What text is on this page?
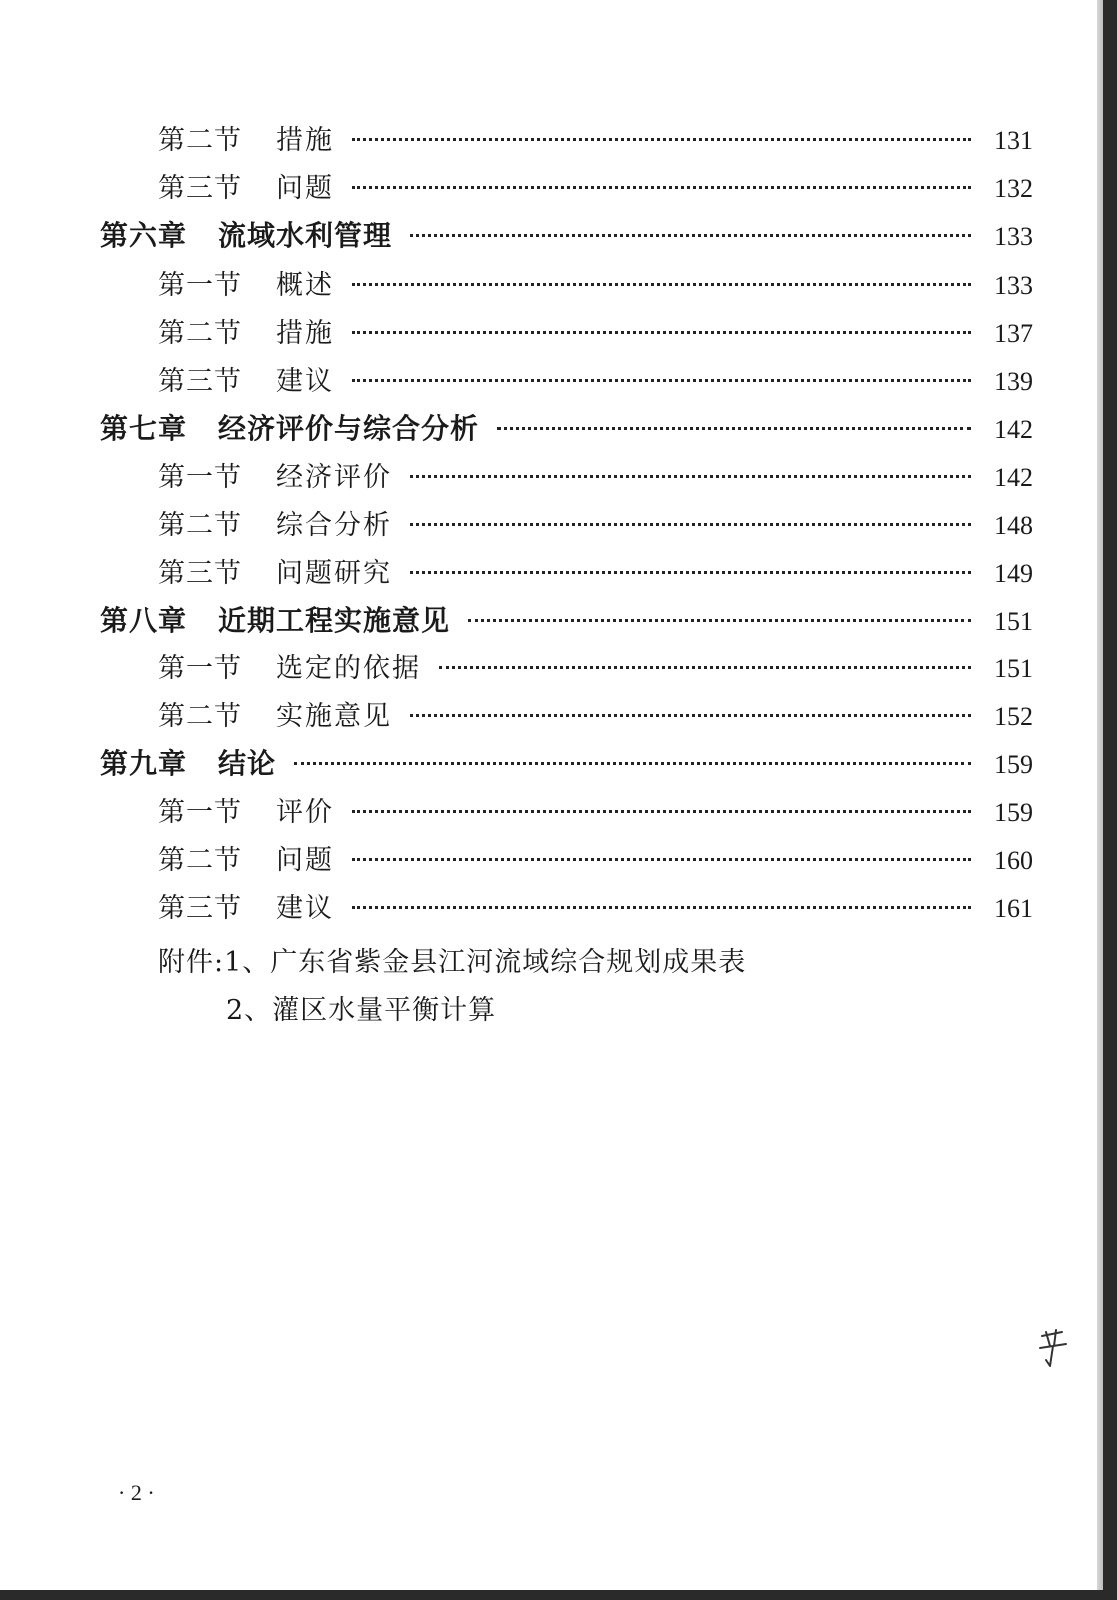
第二节	措施	131
第三节	问题	132
第六章	流域水利管理	133
第一节	概述	133
第二节	措施	137
第三节	建议	139
第七章	经济评价与综合分析	142
第一节	经济评价	142
第二节	综合分析	148
第三节	问题研究	149
第八章	近期工程实施意见	151
第一节	选定的依据	151
第二节	实施意见	152
第九章	结论	159
第一节	评价	159
第二节	问题	160
第三节	建议	161
附件:1、广东省紫金县江河流域综合规划成果表
2、灌区水量平衡计算
· 2 ·
